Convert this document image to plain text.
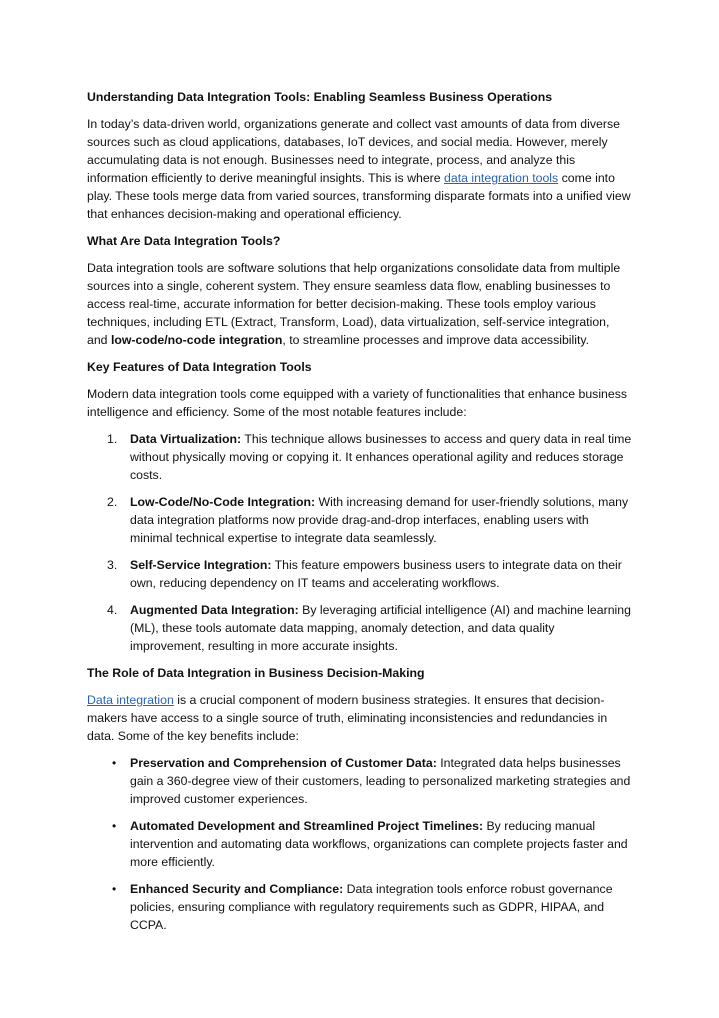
Understanding Data Integration Tools: Enabling Seamless Business Operations

In today’s data-driven world, organizations generate and collect vast amounts of data from diverse sources such as cloud applications, databases, IoT devices, and social media. However, merely accumulating data is not enough. Businesses need to integrate, process, and analyze this information efficiently to derive meaningful insights. This is where data integration tools come into play. These tools merge data from varied sources, transforming disparate formats into a unified view that enhances decision-making and operational efficiency.

What Are Data Integration Tools?

Data integration tools are software solutions that help organizations consolidate data from multiple sources into a single, coherent system. They ensure seamless data flow, enabling businesses to access real-time, accurate information for better decision-making. These tools employ various techniques, including ETL (Extract, Transform, Load), data virtualization, self-service integration, and low-code/no-code integration, to streamline processes and improve data accessibility.

Key Features of Data Integration Tools

Modern data integration tools come equipped with a variety of functionalities that enhance business intelligence and efficiency. Some of the most notable features include:

1. Data Virtualization: This technique allows businesses to access and query data in real time without physically moving or copying it. It enhances operational agility and reduces storage costs.
2. Low-Code/No-Code Integration: With increasing demand for user-friendly solutions, many data integration platforms now provide drag-and-drop interfaces, enabling users with minimal technical expertise to integrate data seamlessly.
3. Self-Service Integration: This feature empowers business users to integrate data on their own, reducing dependency on IT teams and accelerating workflows.
4. Augmented Data Integration: By leveraging artificial intelligence (AI) and machine learning (ML), these tools automate data mapping, anomaly detection, and data quality improvement, resulting in more accurate insights.
The Role of Data Integration in Business Decision-Making

Data integration is a crucial component of modern business strategies. It ensures that decision-makers have access to a single source of truth, eliminating inconsistencies and redundancies in data. Some of the key benefits include:

• Preservation and Comprehension of Customer Data: Integrated data helps businesses gain a 360-degree view of their customers, leading to personalized marketing strategies and improved customer experiences.
• Automated Development and Streamlined Project Timelines: By reducing manual intervention and automating data workflows, organizations can complete projects faster and more efficiently.
• Enhanced Security and Compliance: Data integration tools enforce robust governance policies, ensuring compliance with regulatory requirements such as GDPR, HIPAA, and CCPA.
